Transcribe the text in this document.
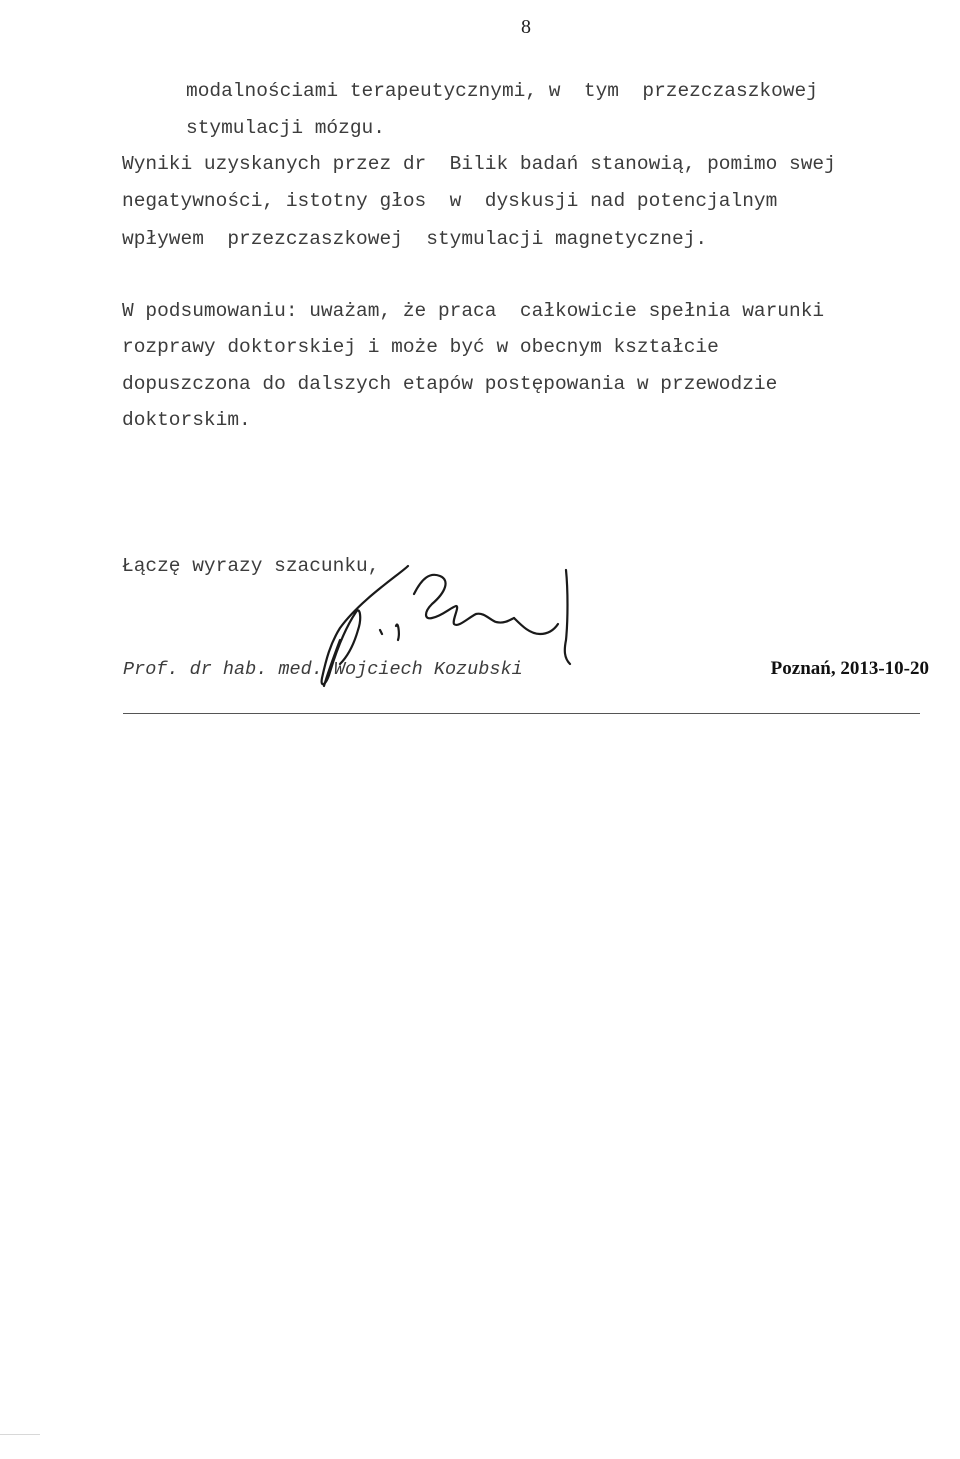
8
modalnościami terapeutycznymi, w  tym  przezczaszkowej
stymulacji mózgu.
Wyniki uzyskanych przez dr  Bilik badań stanowią, pomimo swej
negatywności, istotny głos  w  dyskusji nad potencjalnym
wpływem  przezczaszkowej  stymulacji magnetycznej.
W podsumowaniu: uważam, że praca  całkowicie spełnia warunki
rozprawy doktorskiej i może być w obecnym kształcie
dopuszczona do dalszych etapów postępowania w przewodzie
doktorskim.
Łączę wyrazy szacunku,
Prof. dr hab. med. Wojciech Kozubski	Poznań, 2013-10-20
